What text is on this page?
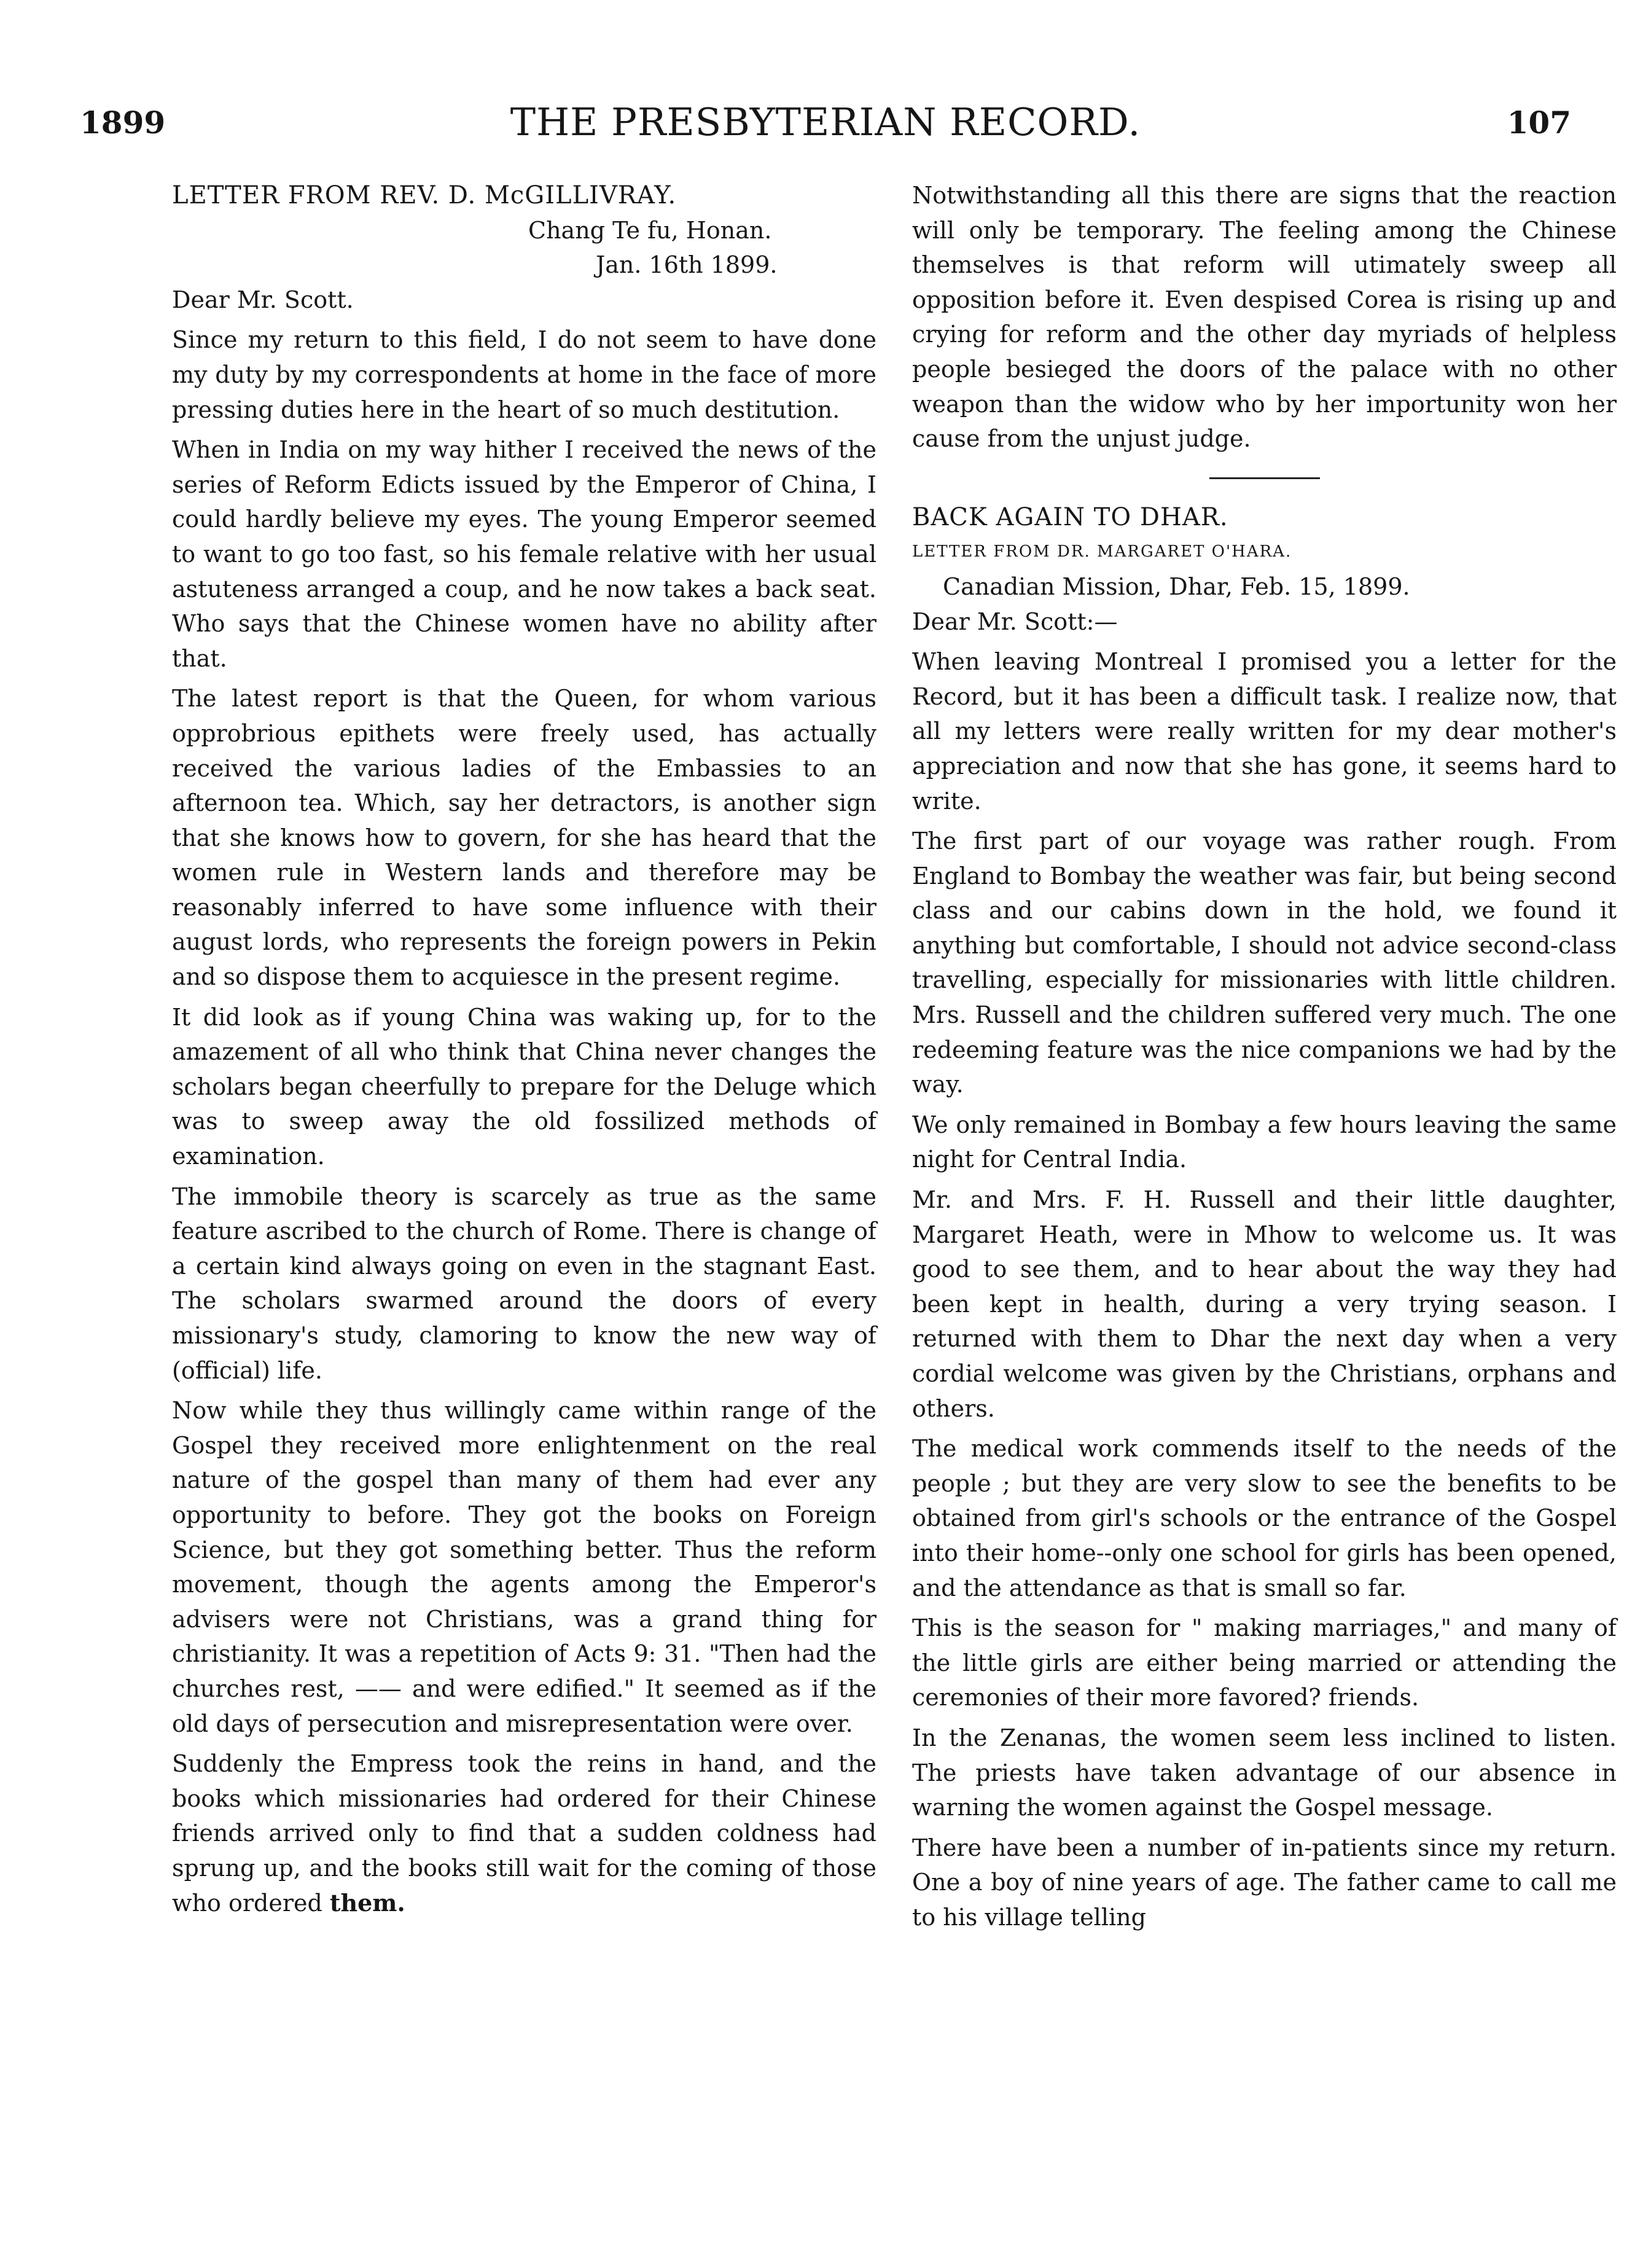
1899	THE PRESBYTERIAN RECORD.	107

LETTER FROM REV. D. McGILLIVRAY.

Chang Te fu, Honan.

Jan. 16th 1899.

Dear Mr. Scott.

Since my return to this field, I do not seem to have done my duty by my correspondents at home in the face of more pressing duties here in the heart of so much destitution.

When in India on my way hither I received the news of the series of Reform Edicts issued by the Emperor of China, I could hardly believe my eyes. The young Emperor seemed to want to go too fast, so his female relative with her usual astuteness arranged a coup, and he now takes a back seat. Who says that the Chinese women have no ability after that.

The latest report is that the Queen, for whom various opprobrious epithets were freely used, has actually received the various ladies of the Embassies to an afternoon tea. Which, say her detractors, is another sign that she knows how to govern, for she has heard that the women rule in Western lands and therefore may be reasonably inferred to have some influence with their august lords, who represents the foreign powers in Pekin and so dispose them to acquiesce in the present regime.

It did look as if young China was waking up, for to the amazement of all who think that China never changes the scholars began cheerfully to prepare for the Deluge which was to sweep away the old fossilized methods of examination.

The immobile theory is scarcely as true as the same feature ascribed to the church of Rome. There is change of a certain kind always going on even in the stagnant East. The scholars swarmed around the doors of every missionary's study, clamoring to know the new way of (official) life.

Now while they thus willingly came within range of the Gospel they received more enlightenment on the real nature of the gospel than many of them had ever any opportunity to before. They got the books on Foreign Science, but they got something better. Thus the reform movement, though the agents among the Emperor's advisers were not Christians, was a grand thing for christianity. It was a repetition of Acts 9: 31. "Then had the churches rest, —— and were edified." It seemed as if the old days of persecution and misrepresentation were over.

Suddenly the Empress took the reins in hand, and the books which missionaries had ordered for their Chinese friends arrived only to find that a sudden coldness had sprung up, and the books still wait for the coming of those who ordered them.

Notwithstanding all this there are signs that the reaction will only be temporary. The feeling among the Chinese themselves is that reform will utimately sweep all opposition before it. Even despised Corea is rising up and crying for reform and the other day myriads of helpless people besieged the doors of the palace with no other weapon than the widow who by her importunity won her cause from the unjust judge.

BACK AGAIN TO DHAR.

LETTER FROM DR. MARGARET O'HARA.

Canadian Mission, Dhar, Feb. 15, 1899.

Dear Mr. Scott:—

When leaving Montreal I promised you a letter for the Record, but it has been a difficult task. I realize now, that all my letters were really written for my dear mother's appreciation and now that she has gone, it seems hard to write.

The first part of our voyage was rather rough. From England to Bombay the weather was fair, but being second class and our cabins down in the hold, we found it anything but comfortable, I should not advice second-class travelling, especially for missionaries with little children. Mrs. Russell and the children suffered very much. The one redeeming feature was the nice companions we had by the way.

We only remained in Bombay a few hours leaving the same night for Central India.

Mr. and Mrs. F. H. Russell and their little daughter, Margaret Heath, were in Mhow to welcome us. It was good to see them, and to hear about the way they had been kept in health, during a very trying season. I returned with them to Dhar the next day when a very cordial welcome was given by the Christians, orphans and others.

The medical work commends itself to the needs of the people ; but they are very slow to see the benefits to be obtained from girl's schools or the entrance of the Gospel into their home--only one school for girls has been opened, and the attendance as that is small so far.

This is the season for " making marriages," and many of the little girls are either being married or attending the ceremonies of their more favored? friends.

In the Zenanas, the women seem less inclined to listen. The priests have taken advantage of our absence in warning the women against the Gospel message.

There have been a number of in-patients since my return. One a boy of nine years of age. The father came to call me to his village telling
